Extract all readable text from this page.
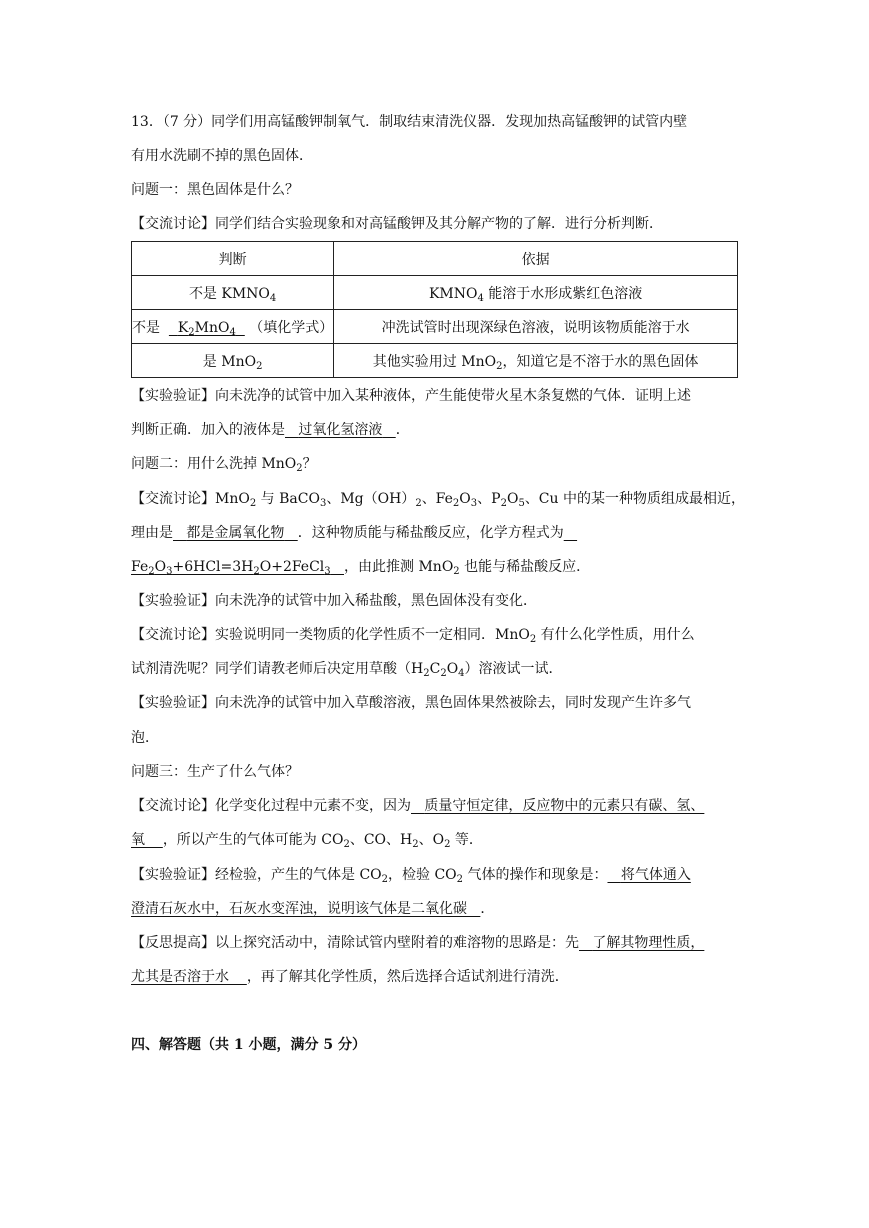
13．（7 分）同学们用高锰酸钾制氧气．制取结束清洗仪器．发现加热高锰酸钾的试管内壁
有用水洗刷不掉的黑色固体．
问题一：黑色固体是什么？
【交流讨论】同学们结合实验现象和对高锰酸钾及其分解产物的了解．进行分析判断．
判断	依据
不是 $KMNO_4$	$KMNO_4$ 能溶于水形成紫红色溶液
不是 $K_2MnO_4$ （填化学式）	冲洗试管时出现深绿色溶液，说明该物质能溶于水
是 MnO$_2$	其他实验用过 MnO$_2$，知道它是不溶于水的黑色固体
【实验验证】向未洗净的试管中加入某种液体，产生能使带火星木条复燃的气体．证明上述
判断正确．加入的液体是 过氧化氢溶液 ．
问题二：用什么洗掉 MnO$_2$？
【交流讨论】MnO$_2$ 与 BaCO$_3$、$Mg(OH)_2$、$Fe_2O_3$、$P_2O_5$、Cu 中的某一种物质组成最相近，
理由是 都是金属氧化物 ．这种物质能与稀盐酸反应，化学方程式为
$Fe_2O_3+6HCl=3H_2O+2FeCl_3$ ，由此推测 MnO$_2$ 也能与稀盐酸反应．
【实验验证】向未洗净的试管中加入稀盐酸，黑色固体没有变化．
【交流讨论】实验说明同一类物质的化学性质不一定相同．MnO$_2$ 有什么化学性质，用什么
试剂清洗呢？同学们请教老师后决定用草酸$(H_2C_2O_4)$溶液试一试．
【实验验证】向未洗净的试管中加入草酸溶液，黑色固体果然被除去，同时发现产生许多气
泡．
问题三：生产了什么气体？
【交流讨论】化学变化过程中元素不变，因为 质量守恒定律，反应物中的元素只有碳、氢、
氧 ，所以产生的气体可能为 $CO_2$、CO、$H_2$、$O_2$ 等．
【实验验证】经检验，产生的气体是 $CO_2$，检验 $CO_2$ 气体的操作和现象是： 将气体通入
澄清石灰水中，石灰水变浑浊，说明该气体是二氧化碳 ．
【反思提高】以上探究活动中，清除试管内壁附着的难溶物的思路是：先 了解其物理性质，
尤其是否溶于水 ，再了解其化学性质，然后选择合适试剂进行清洗．
四、解答题（共 1 小题，满分 5 分）
